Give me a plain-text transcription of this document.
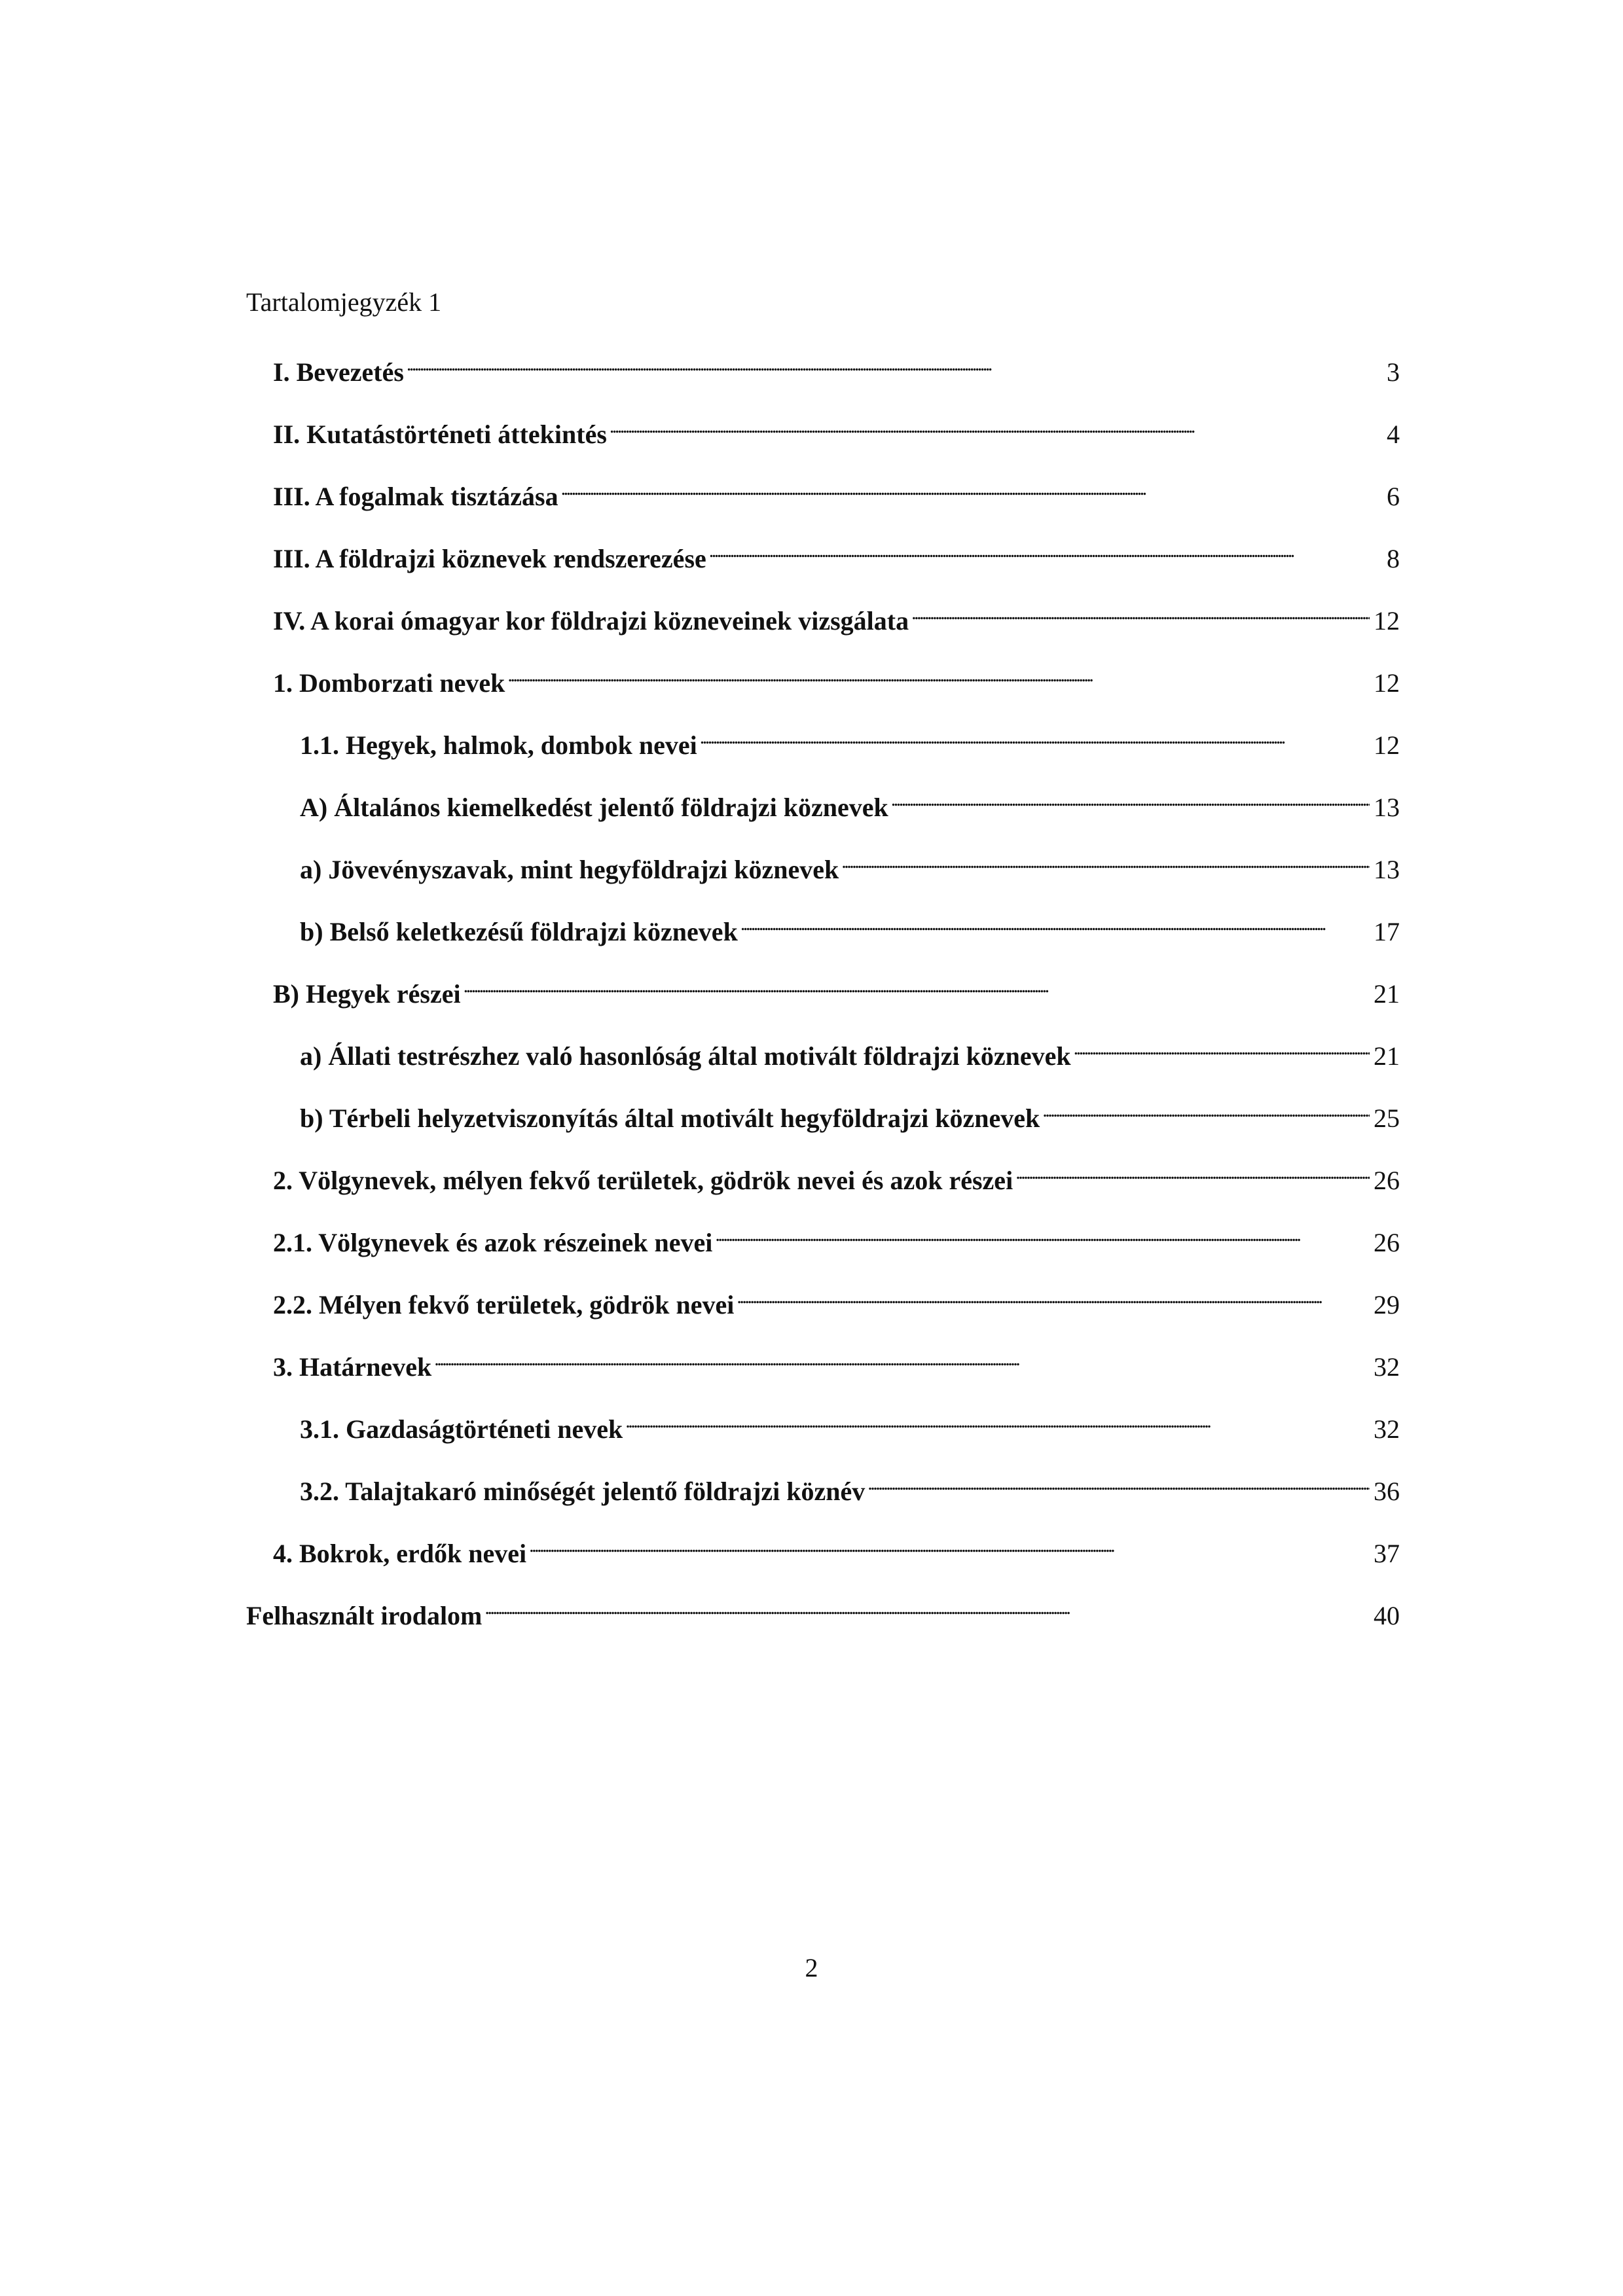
Tartalomjegyzék 1
I. Bevezetés . . .	3
II. Kutatástörténeti áttekintés . . .	4
III. A fogalmak tisztázása . . .	6
III. A földrajzi köznevek rendszerezése . . .	8
IV. A korai ómagyar kor földrajzi közneveinek vizsgálata . . .	12
1. Domborzati nevek . . .	12
1.1. Hegyek, halmok, dombok nevei . . .	12
A) Általános kiemelkedést jelentő földrajzi köznevek . . .	13
a) Jövevényszavak, mint hegyföldrajzi köznevek . . .	13
b) Belső keletkezésű földrajzi köznevek . . .	17
B) Hegyek részei . . .	21
a) Állati testrészhez való hasonlóság által motivált földrajzi köznevek . . .	21
b) Térbeli helyzetviszonyítás által motivált hegyföldrajzi köznevek . . .	25
2. Völgynevek, mélyen fekvő területek, gödrök nevei és azok részei . . .	26
2.1. Völgynevek és azok részeinek nevei . . .	26
2.2. Mélyen fekvő területek, gödrök nevei . . .	29
3. Határnevek . . .	32
3.1. Gazdaságtörténeti nevek . . .	32
3.2. Talajtakaró minőségét jelentő földrajzi köznév . . .	36
4. Bokrok, erdők nevei . . .	37
Felhasznált irodalom . . .	40
2
